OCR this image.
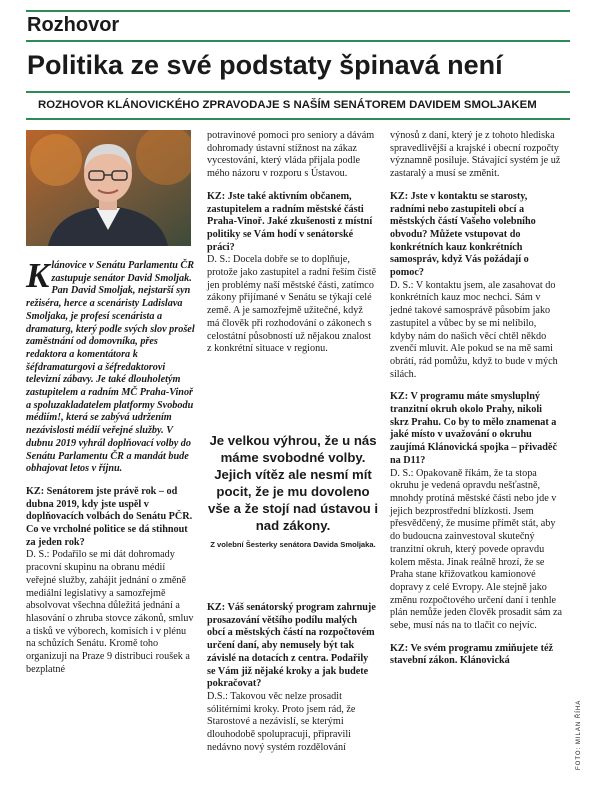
Rozhovor
Politika ze své podstaty špinavá není
ROZHOVOR KLÁNOVICKÉHO ZPRAVODAJE S NAŠÍM SENÁTOREM DAVIDEM SMOLJAKEM

Klánovice v Senátu Parlamentu ČR zastupuje senátor David Smoljak. Pan David Smoljak, nejstarší syn režiséra, herce a scenáristy Ladislava Smoljaka, je profesí scenárista a dramaturg, který podle svých slov prošel zaměstnání od domovníka, přes redaktora a komentátora k šéfdramaturgovi a šéfredaktorovi televizní zábavy. Je také dlouholetým zastupitelem a radním MČ Praha-Vinoř a spoluzakladatelem platformy Svobodu médiím!, která se zabývá udržením nezávislosti médií veřejné služby. V dubnu 2019 vyhrál doplňovací volby do Senátu Parlamentu ČR a mandát bude obhajovat letos v říjnu.

KZ: Senátorem jste právě rok – od dubna 2019, kdy jste uspěl v doplňovacích volbách do Senátu PČR. Co ve vrcholné politice se dá stihnout za jeden rok?

D. S.: Podařilo se mi dát dohromady pracovní skupinu na obranu médií veřejné služby, zahájit jednání o změně mediální legislativy a samozřejmě absolvovat všechna důležitá jednání a hlasování o zhruba stovce zákonů, smluv a tisků ve výborech, komisích i v plénu na schůzích Senátu. Kromě toho organizuji na Praze 9 distribuci roušek a bezplatné

potravinové pomoci pro seniory a dávám dohromady ústavní stížnost na zákaz vycestování, který vláda přijala podle mého názoru v rozporu s Ústavou.

KZ: Jste také aktivním občanem, zastupitelem a radním městské části Praha-Vinoř. Jaké zkušenosti z místní politiky se Vám hodí v senátorské práci?

D. S.: Docela dobře se to doplňuje, protože jako zastupitel a radní řeším čistě jen problémy naší městské části, zatímco zákony přijímané v Senátu se týkají celé země. A je samozřejmě užitečné, když má člověk při rozhodování o zákonech s celostátní působností už nějakou znalost z konkrétní situace v regionu.

Je velkou výhrou, že u nás máme svobodné volby. Jejich vítěz ale nesmí mít pocit, že je mu dovoleno vše a že stojí nad ústavou i nad zákony.
Z volební Šesterky senátora Davida Smoljaka.

KZ: Váš senátorský program zahrnuje prosazování většího podílu malých obcí a městských částí na rozpočtovém určení daní, aby nemusely být tak závislé na dotacích z centra. Podařily se Vám již nějaké kroky a jak budete pokračovat?

D.S.: Takovou věc nelze prosadit sólitérními kroky. Proto jsem rád, že Starostové a nezávislí, se kterými dlouhodobě spolupracuji, připravili nedávno nový systém rozdělování

výnosů z daní, který je z tohoto hlediska spravedlivější a krajské i obecní rozpočty významně posiluje. Stávající systém je už zastaralý a musí se změnit.

KZ: Jste v kontaktu se starosty, radními nebo zastupiteli obcí a městských částí Vašeho volebního obvodu? Můžete vstupovat do konkrétních kauz konkrétních samospráv, když Vás požádají o pomoc?

D. S.: V kontaktu jsem, ale zasahovat do konkrétních kauz moc nechci. Sám v jedné takové samosprávě působím jako zastupitel a vůbec by se mi nelíbilo, kdyby nám do našich věcí chtěl někdo zvenčí mluvit. Ale pokud se na mě sami obrátí, rád pomůžu, když to bude v mých silách.

KZ: V programu máte smysluplný tranzitní okruh okolo Prahy, nikoli skrz Prahu. Co by to mělo znamenat a jaké místo v uvažování o okruhu zaujímá Klánovická spojka – přivaděč na D11?

D. S.: Opakovaně říkám, že ta stopa okruhu je vedená opravdu nešťastně, mnohdy protíná městské části nebo jde v jejich bezprostřední blízkosti. Jsem přesvědčený, že musíme přímět stát, aby do budoucna zainvestoval skutečný tranzitní okruh, který povede opravdu kolem města. Jinak reálně hrozí, že se Praha stane křižovatkou kamionové dopravy z celé Evropy. Ale stejně jako změnu rozpočtového určení daní i tenhle plán nemůže jeden člověk prosadit sám za sebe, musí nás na to tlačit co nejvíc.

KZ: Ve svém programu zmiňujete též stavební zákon. Klánovická

FOTO: MILAN ŘÍHA
